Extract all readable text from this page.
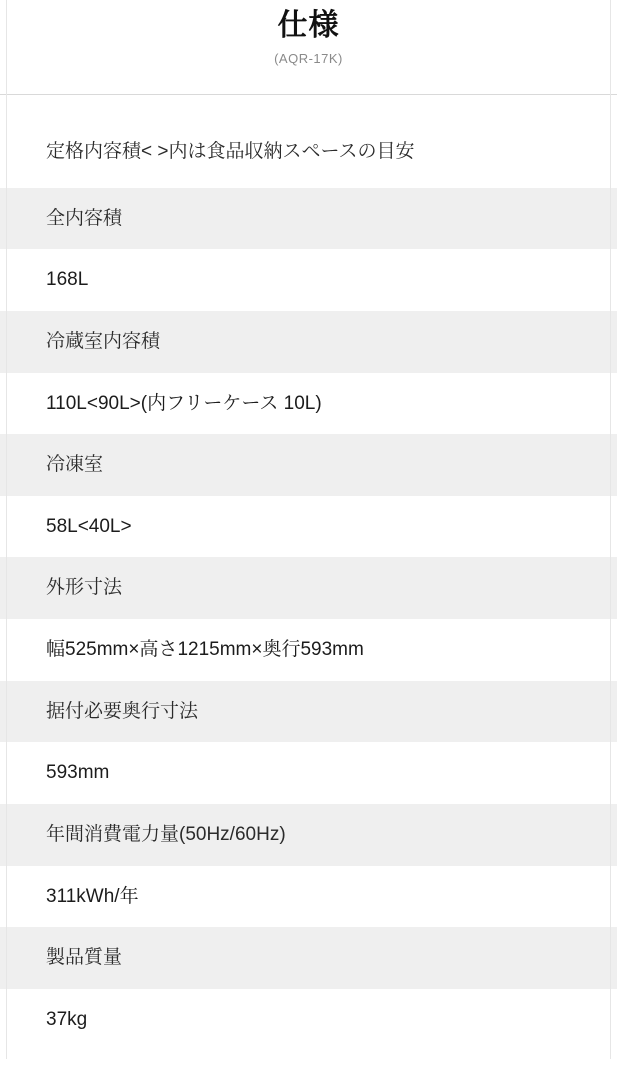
仕様
(AQR-17K)
定格内容積< >内は食品収納スペースの目安
全内容積
168L
冷蔵室内容積
110L<90L>(内フリーケース 10L)
冷凍室
58L<40L>
外形寸法
幅525mm×高さ1215mm×奥行593mm
据付必要奥行寸法
593mm
年間消費電力量(50Hz/60Hz)
311kWh/年
製品質量
37kg
